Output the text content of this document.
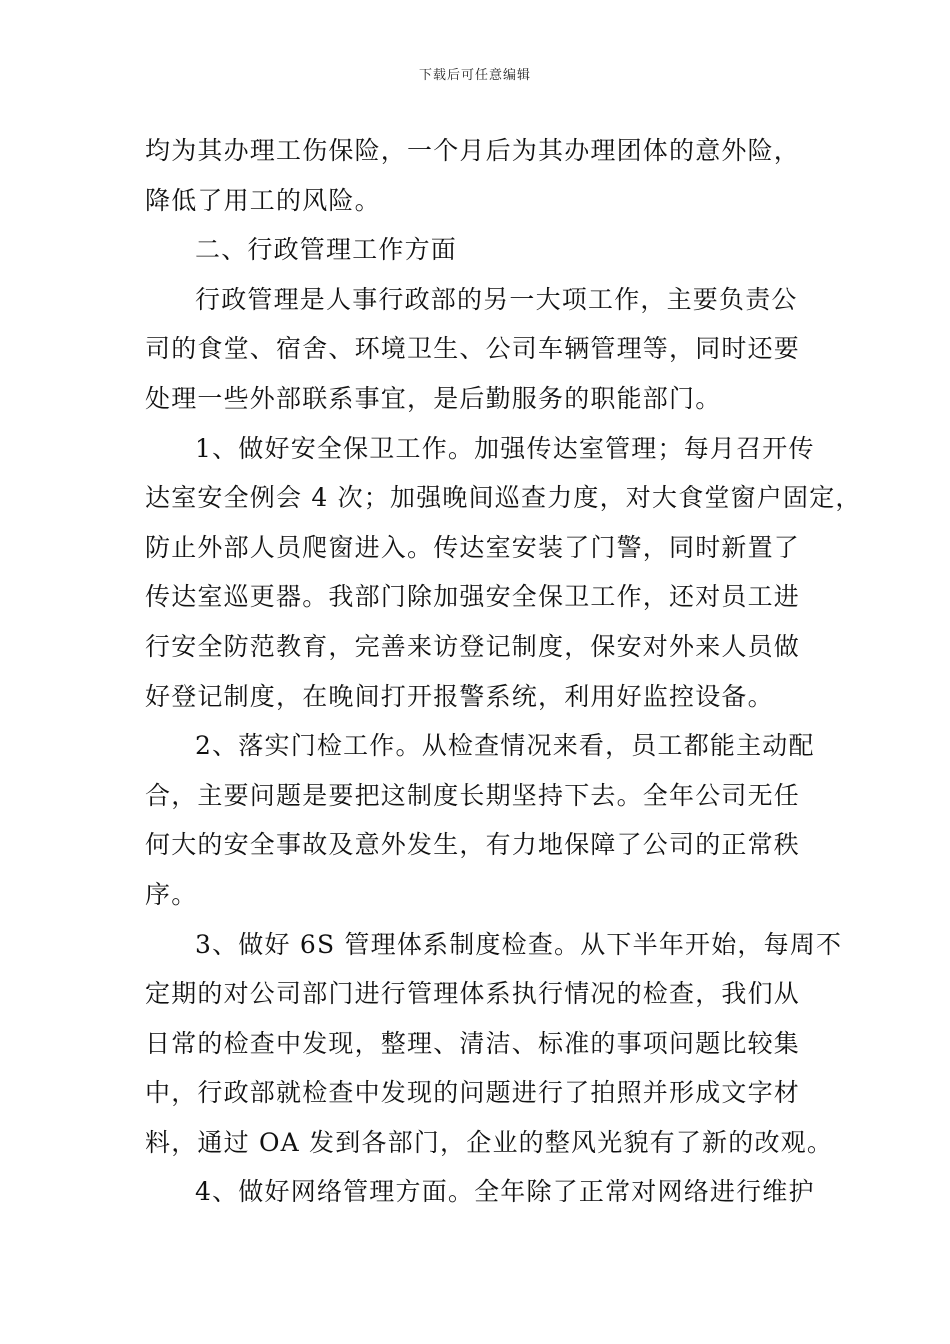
下载后可任意编辑
均为其办理工伤保险，一个月后为其办理团体的意外险，
降低了用工的风险。
二、行政管理工作方面
行政管理是人事行政部的另一大项工作，主要负责公
司的食堂、宿舍、环境卫生、公司车辆管理等，同时还要
处理一些外部联系事宜，是后勤服务的职能部门。
1、做好安全保卫工作。加强传达室管理；每月召开传
达室安全例会 4 次；加强晚间巡查力度，对大食堂窗户固定，
防止外部人员爬窗进入。传达室安装了门警，同时新置了
传达室巡更器。我部门除加强安全保卫工作，还对员工进
行安全防范教育，完善来访登记制度，保安对外来人员做
好登记制度，在晚间打开报警系统，利用好监控设备。
2、落实门检工作。从检查情况来看，员工都能主动配
合，主要问题是要把这制度长期坚持下去。全年公司无任
何大的安全事故及意外发生，有力地保障了公司的正常秩
序。
3、做好 6S 管理体系制度检查。从下半年开始，每周不
定期的对公司部门进行管理体系执行情况的检查，我们从
日常的检查中发现，整理、清洁、标准的事项问题比较集
中，行政部就检查中发现的问题进行了拍照并形成文字材
料，通过 OA 发到各部门，企业的整风光貌有了新的改观。
4、做好网络管理方面。全年除了正常对网络进行维护
